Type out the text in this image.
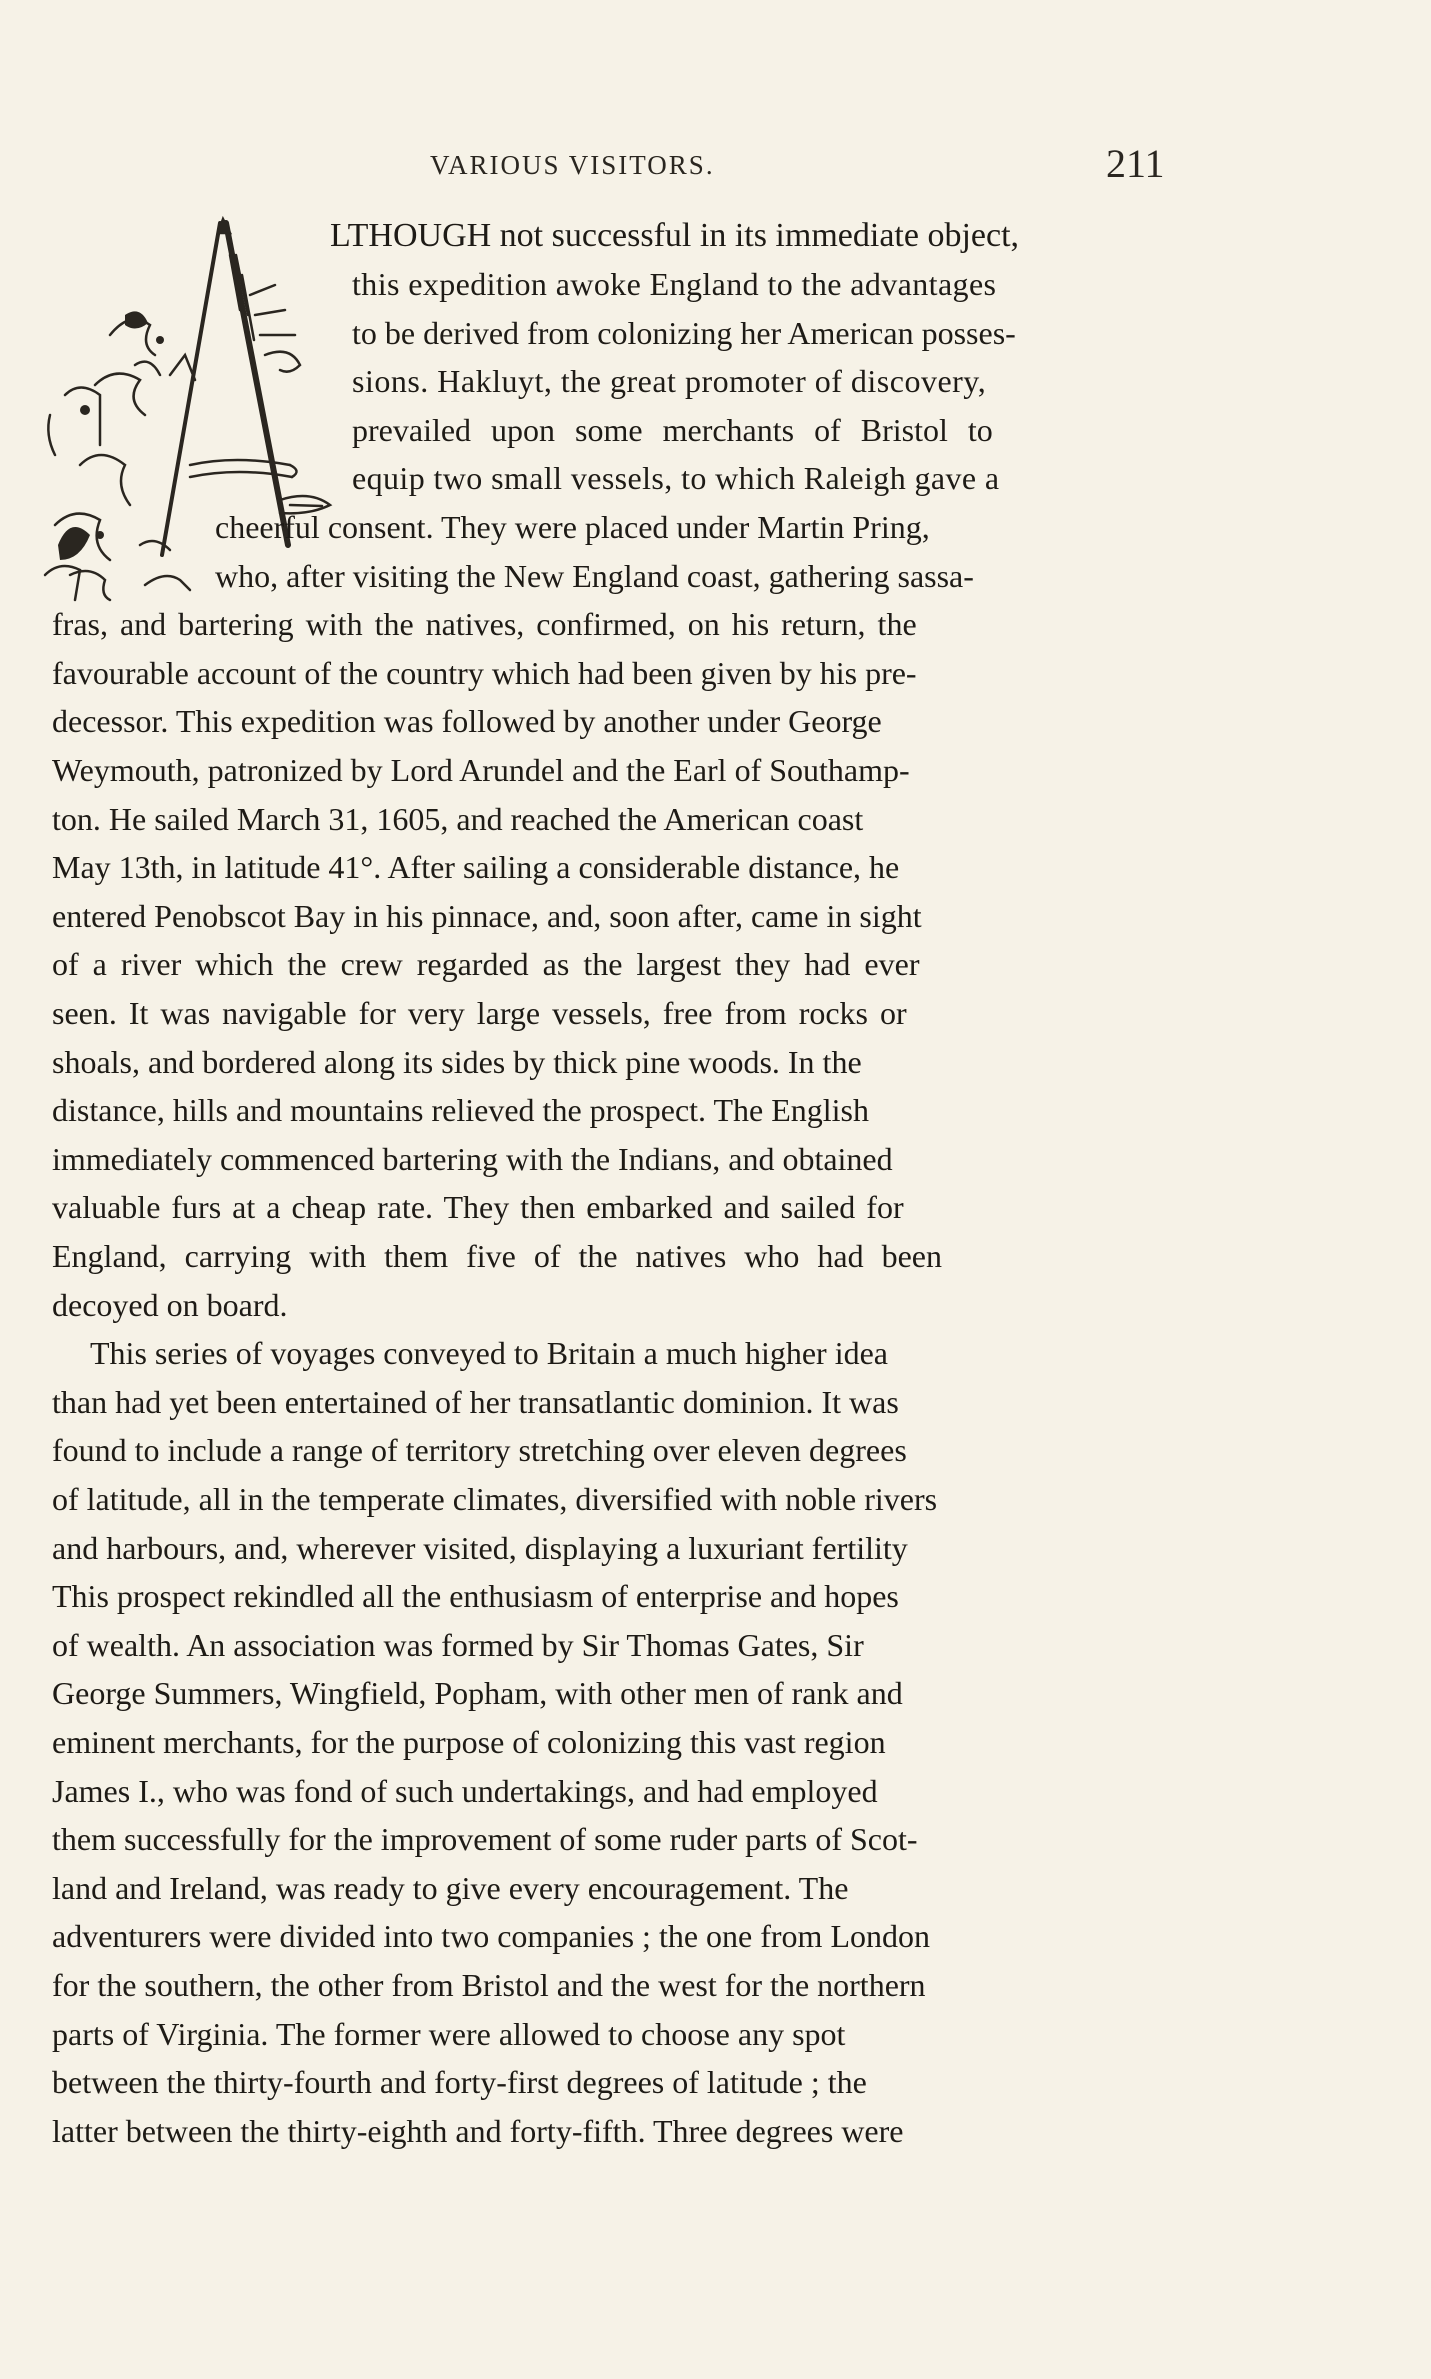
VARIOUS VISITORS.	211
LTHOUGH not successful in its immediate object,
this expedition awoke England to the advantages
to be derived from colonizing her American posses-
sions. Hakluyt, the great promoter of discovery,
prevailed upon some merchants of Bristol to
equip two small vessels, to which Raleigh gave a
cheerful consent. They were placed under Martin Pring,
who, after visiting the New England coast, gathering sassa-
fras, and bartering with the natives, confirmed, on his return, the
favourable account of the country which had been given by his pre-
decessor. This expedition was followed by another under George
Weymouth, patronized by Lord Arundel and the Earl of Southamp-
ton. He sailed March 31, 1605, and reached the American coast
May 13th, in latitude 41°. After sailing a considerable distance, he
entered Penobscot Bay in his pinnace, and, soon after, came in sight
of a river which the crew regarded as the largest they had ever
seen. It was navigable for very large vessels, free from rocks or
shoals, and bordered along its sides by thick pine woods. In the
distance, hills and mountains relieved the prospect. The English
immediately commenced bartering with the Indians, and obtained
valuable furs at a cheap rate. They then embarked and sailed for
England, carrying with them five of the natives who had been
decoyed on board.
This series of voyages conveyed to Britain a much higher idea
than had yet been entertained of her transatlantic dominion. It was
found to include a range of territory stretching over eleven degrees
of latitude, all in the temperate climates, diversified with noble rivers
and harbours, and, wherever visited, displaying a luxuriant fertility
This prospect rekindled all the enthusiasm of enterprise and hopes
of wealth. An association was formed by Sir Thomas Gates, Sir
George Summers, Wingfield, Popham, with other men of rank and
eminent merchants, for the purpose of colonizing this vast region
James I., who was fond of such undertakings, and had employed
them successfully for the improvement of some ruder parts of Scot-
land and Ireland, was ready to give every encouragement. The
adventurers were divided into two companies ; the one from London
for the southern, the other from Bristol and the west for the northern
parts of Virginia. The former were allowed to choose any spot
between the thirty-fourth and forty-first degrees of latitude ; the
latter between the thirty-eighth and forty-fifth. Three degrees were
